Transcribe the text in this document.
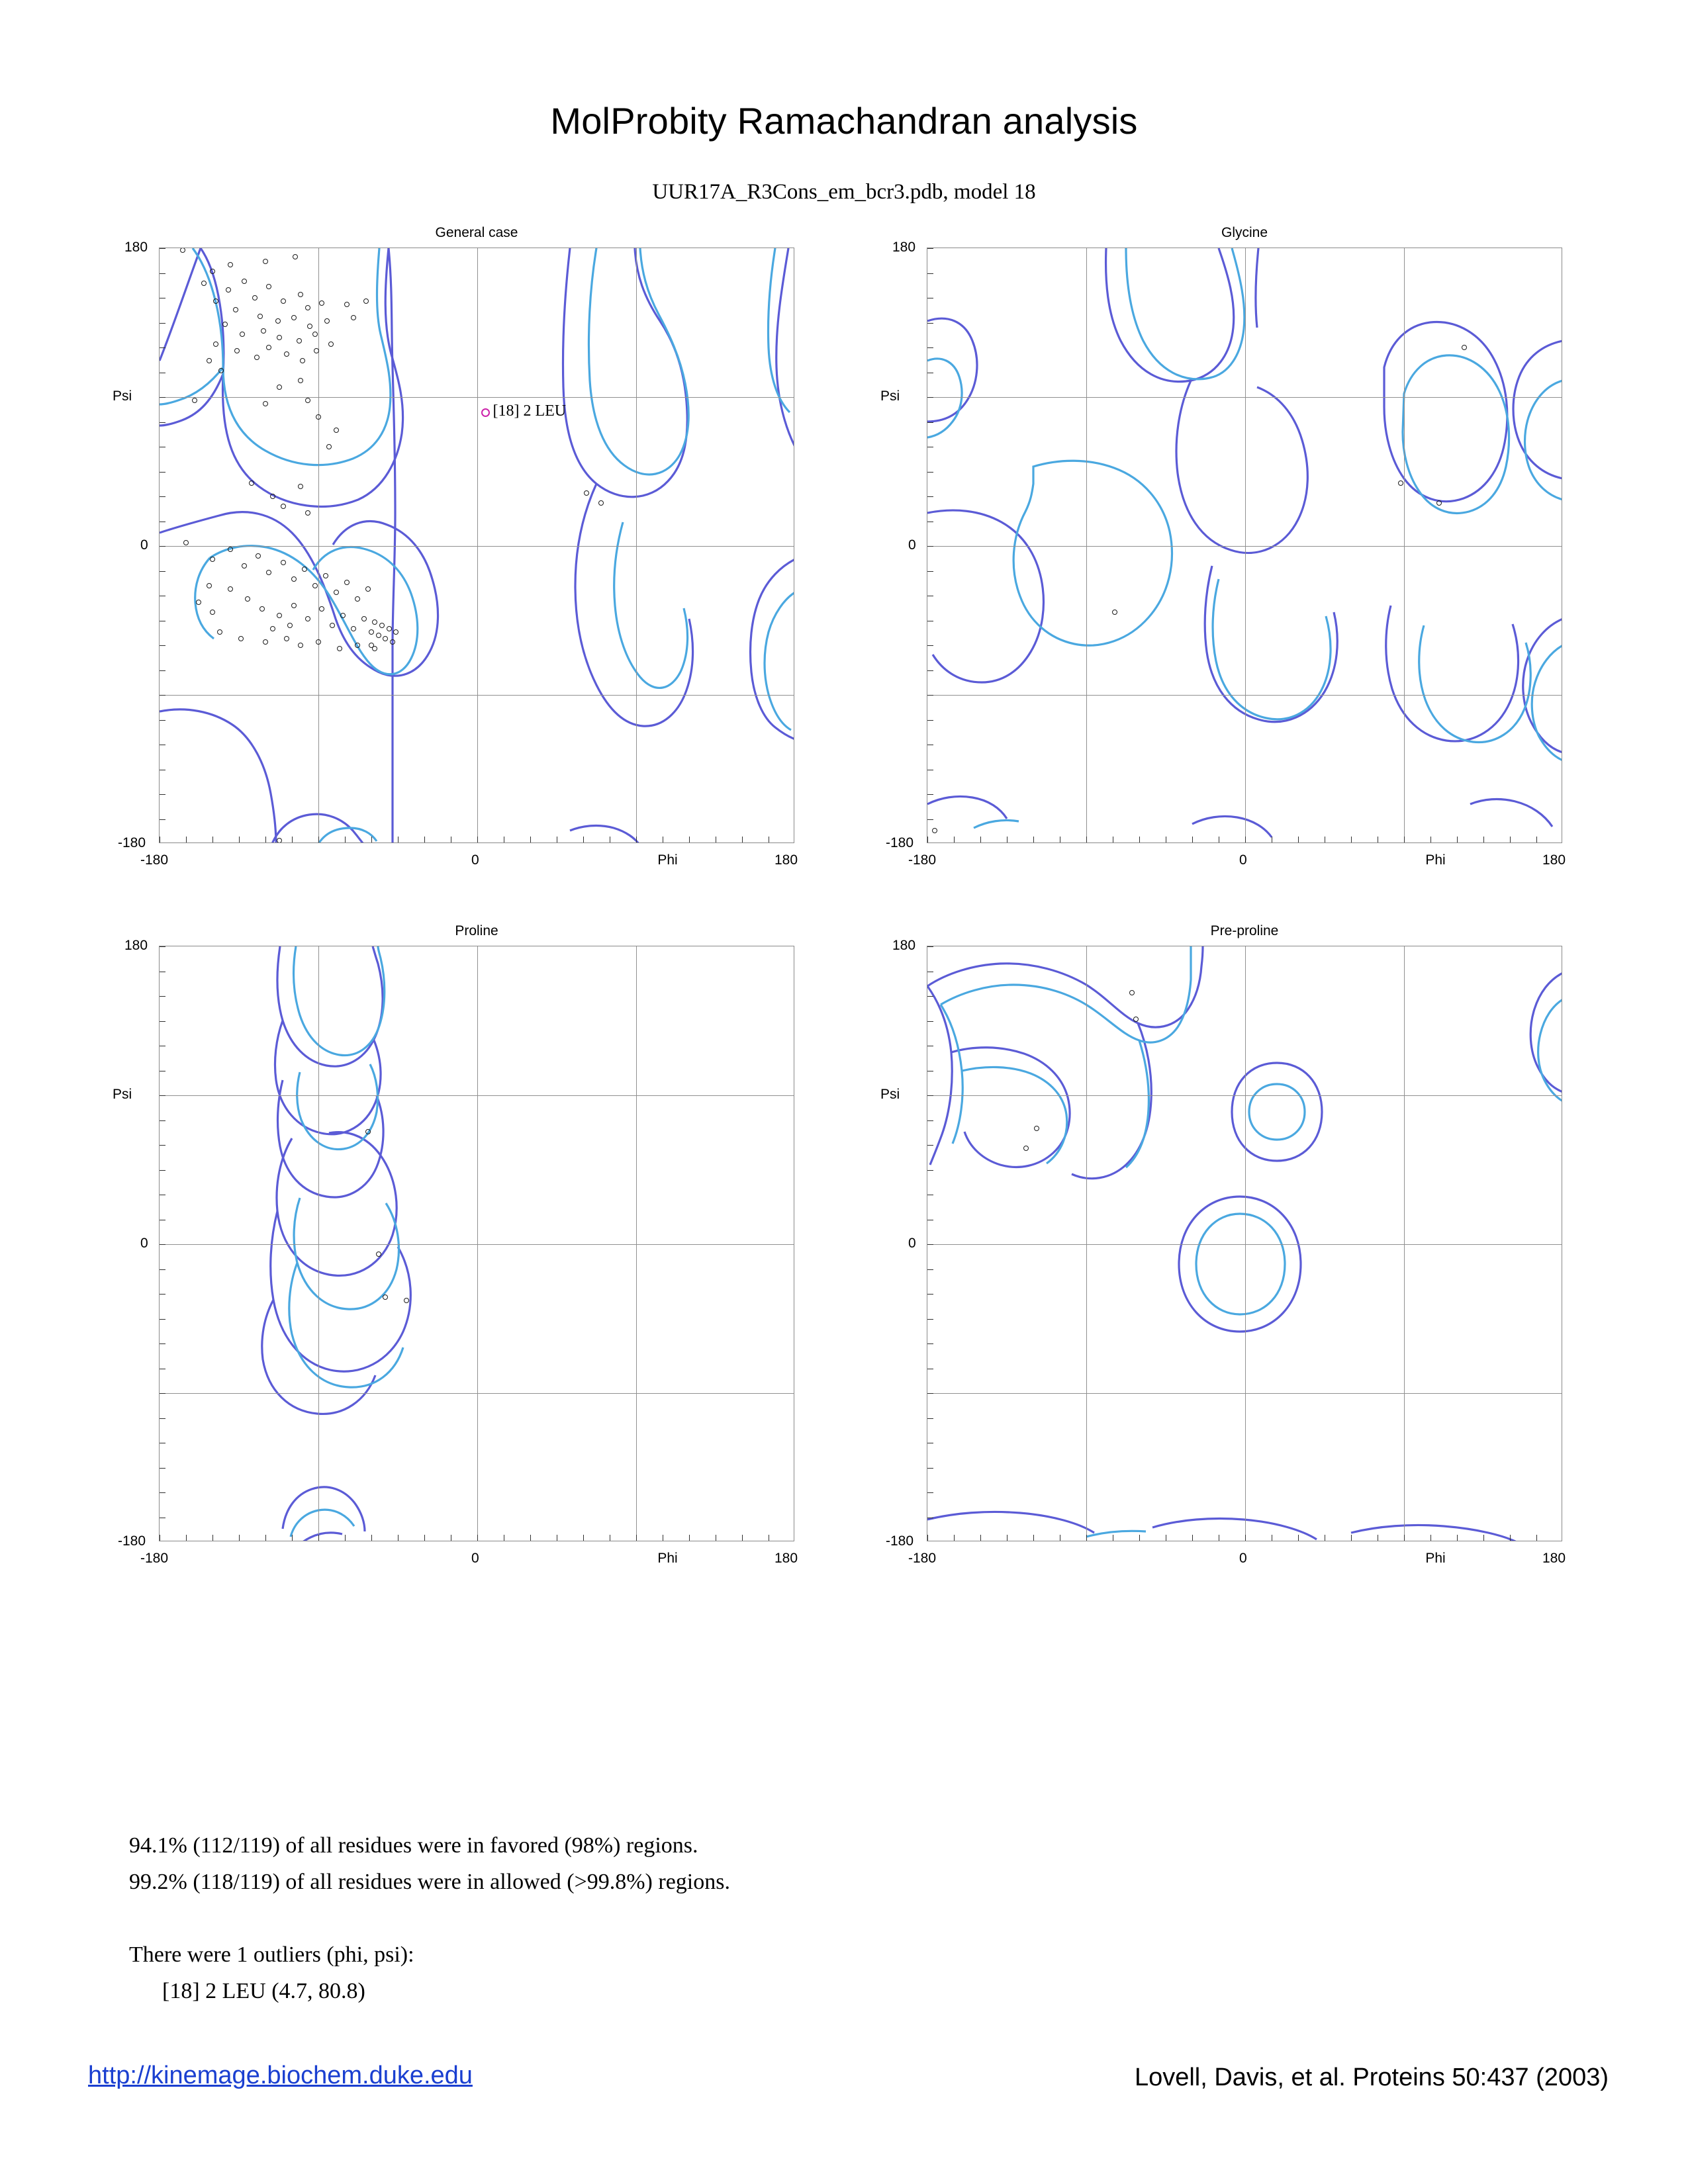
MolProbity Ramachandran analysis
UUR17A_R3Cons_em_bcr3.pdb, model 18
General case
[18] 2 LEU
-180	0	180
Phi
180
0
-180
Psi
Glycine
-180	0	180
Phi
180
0
-180
Psi
Proline
-180	0	180
Phi
180
0
-180
Psi
Pre-proline
-180	0	180
Phi
180
0
-180
Psi
94.1% (112/119) of all residues were in favored (98%) regions.
99.2% (118/119) of all residues were in allowed (>99.8%) regions.
There were 1 outliers (phi, psi):
[18] 2 LEU (4.7, 80.8)
http://kinemage.biochem.duke.edu	Lovell, Davis, et al. Proteins 50:437 (2003)
